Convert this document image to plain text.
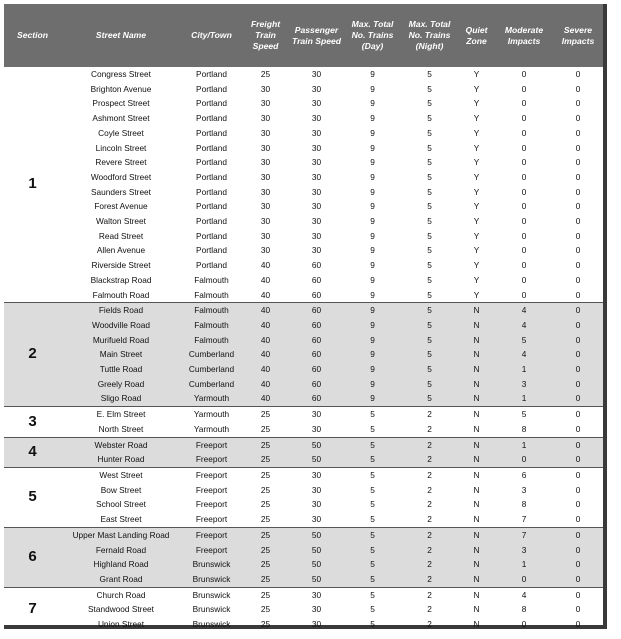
Section	Street Name	City/Town	Freight Train Speed	Passenger Train Speed	Max. Total No. Trains (Day)	Max. Total No. Trains (Night)	Quiet Zone	Moderate Impacts	Severe Impacts
1	Congress Street	Portland	25	30	9	5	Y	0	0
	Brighton Avenue	Portland	30	30	9	5	Y	0	0
	Prospect Street	Portland	30	30	9	5	Y	0	0
	Ashmont Street	Portland	30	30	9	5	Y	0	0
	Coyle Street	Portland	30	30	9	5	Y	0	0
	Lincoln Street	Portland	30	30	9	5	Y	0	0
	Revere Street	Portland	30	30	9	5	Y	0	0
	Woodford Street	Portland	30	30	9	5	Y	0	0
	Saunders Street	Portland	30	30	9	5	Y	0	0
	Forest Avenue	Portland	30	30	9	5	Y	0	0
	Walton Street	Portland	30	30	9	5	Y	0	0
	Read Street	Portland	30	30	9	5	Y	0	0
	Allen Avenue	Portland	30	30	9	5	Y	0	0
	Riverside Street	Portland	40	60	9	5	Y	0	0
	Blackstrap Road	Falmouth	40	60	9	5	Y	0	0
	Falmouth Road	Falmouth	40	60	9	5	Y	0	0
2	Fields Road	Falmouth	40	60	9	5	N	4	0
	Woodville Road	Falmouth	40	60	9	5	N	4	0
	Murifueld Road	Falmouth	40	60	9	5	N	5	0
	Main Street	Cumberland	40	60	9	5	N	4	0
	Tuttle Road	Cumberland	40	60	9	5	N	1	0
	Greely Road	Cumberland	40	60	9	5	N	3	0
	Sligo Road	Yarmouth	40	60	9	5	N	1	0
3	E. Elm Street	Yarmouth	25	30	5	2	N	5	0
	North Street	Yarmouth	25	30	5	2	N	8	0
4	Webster Road	Freeport	25	50	5	2	N	1	0
	Hunter Road	Freeport	25	50	5	2	N	0	0
5	West Street	Freeport	25	30	5	2	N	6	0
	Bow Street	Freeport	25	30	5	2	N	3	0
	School Street	Freeport	25	30	5	2	N	8	0
	East Street	Freeport	25	30	5	2	N	7	0
6	Upper Mast Landing Road	Freeport	25	50	5	2	N	7	0
	Fernald Road	Freeport	25	50	5	2	N	3	0
	Highland Road	Brunswick	25	50	5	2	N	1	0
	Grant Road	Brunswick	25	50	5	2	N	0	0
7	Church Road	Brunswick	25	30	5	2	N	4	0
	Standwood Street	Brunswick	25	30	5	2	N	8	0
	Union Street	Brunswick	25	30	5	2	N	0	0
